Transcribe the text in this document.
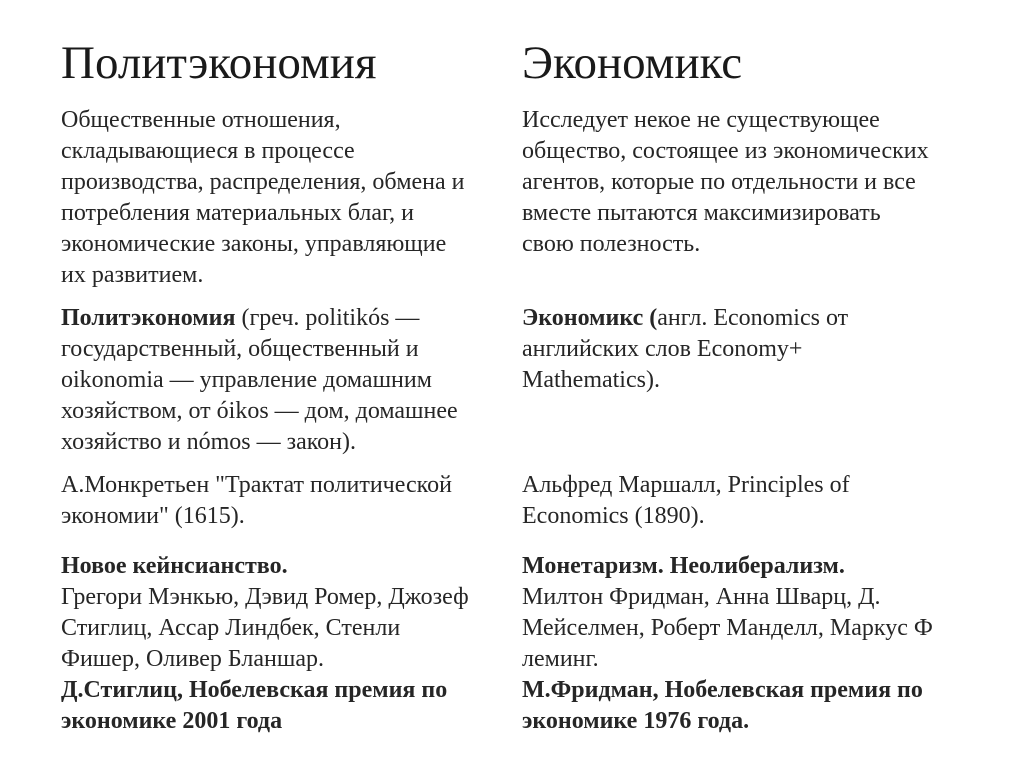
Политэкономия
Общественные отношения,
складывающиеся в процессе
производства, распределения, обмена и
потребления материальных благ, и
экономические законы, управляющие
их развитием.
Политэкономия (греч. politikós —
государственный, общественный и
oikonomia — управление домашним
хозяйством, от óikos — дом, домашнее
хозяйство и nómos — закон).
А.Монкретьен "Трактат политической
экономии" (1615).
Новое кейнсианство.
Грегори Мэнкью, Дэвид Ромер, Джозеф
Стиглиц, Ассар Линдбек, Стенли
Фишер, Оливер Бланшар.
Д.Стиглиц, Нобелевская премия по
экономике 2001 года
Экономикс
Исследует некое не существующее
общество, состоящее из экономических
агентов, которые по отдельности и все
вместе пытаются максимизировать
свою полезность.
Экономикс (англ. Economics от
английских слов Economy+
Mathematics).
Альфред Маршалл, Principles of
Economics (1890).
Монетаризм. Неолиберализм.
Милтон Фридман, Анна Шварц, Д.
Мейселмен, Роберт Манделл, Маркус Ф
леминг.
М.Фридман, Нобелевская премия по
экономике 1976 года.
